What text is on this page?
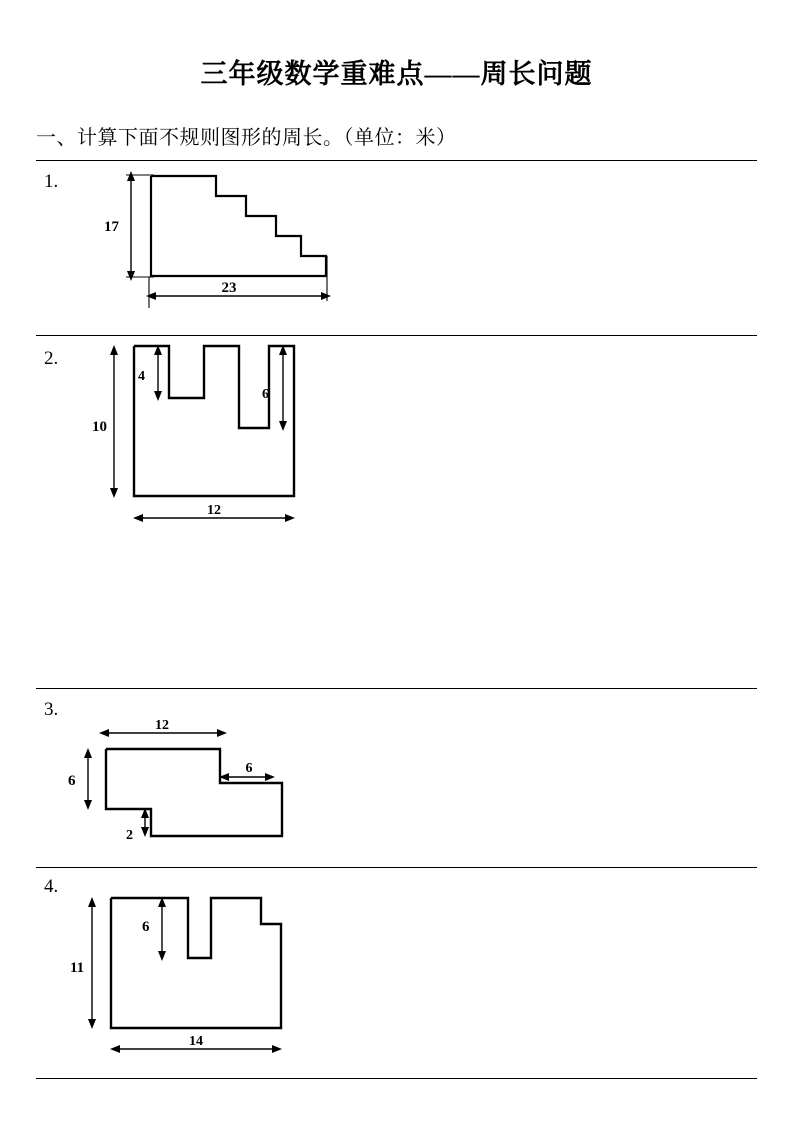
三年级数学重难点——周长问题
一、计算下面不规则图形的周长。（单位：米）
1.
17
23
2.
4
6
10
12
3.
12
6
6
2
4.
6
11
14
